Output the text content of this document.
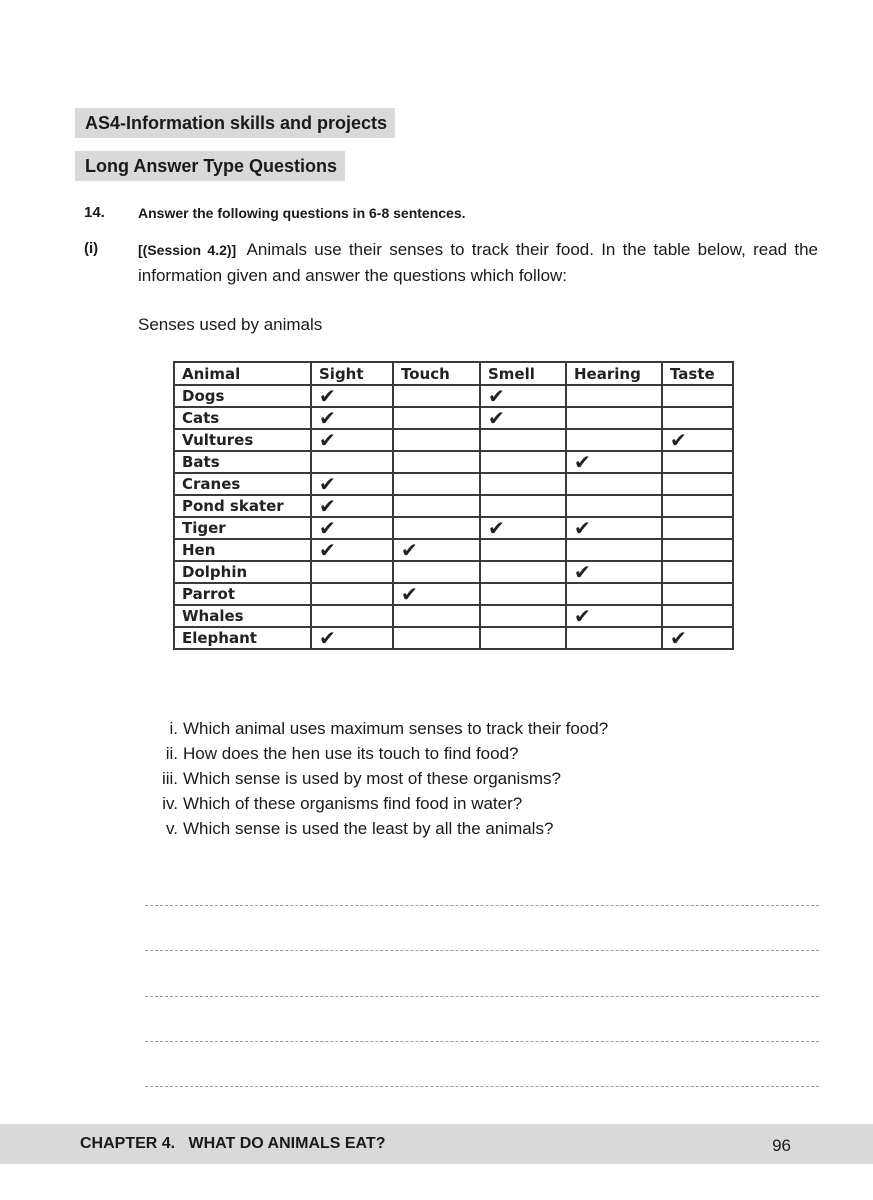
AS4-Information skills and projects
Long Answer Type Questions
14. Answer the following questions in 6-8 sentences.
(i)	[(Session 4.2)] Animals use their senses to track their food. In the table below, read the information given and answer the questions which follow:
Senses used by animals
Animal	Sight	Touch	Smell	Hearing	Taste
Dogs	✔		✔		
Cats	✔		✔		
Vultures	✔				✔
Bats				✔	
Cranes	✔				
Pond skater	✔				
Tiger	✔		✔	✔	
Hen	✔	✔			
Dolphin				✔	
Parrot		✔			
Whales				✔	
Elephant	✔				✔
i. Which animal uses maximum senses to track their food?
ii. How does the hen use its touch to find food?
iii. Which sense is used by most of these organisms?
iv. Which of these organisms find food in water?
v. Which sense is used the least by all the animals?
CHAPTER 4.   WHAT DO ANIMALS EAT?	96
